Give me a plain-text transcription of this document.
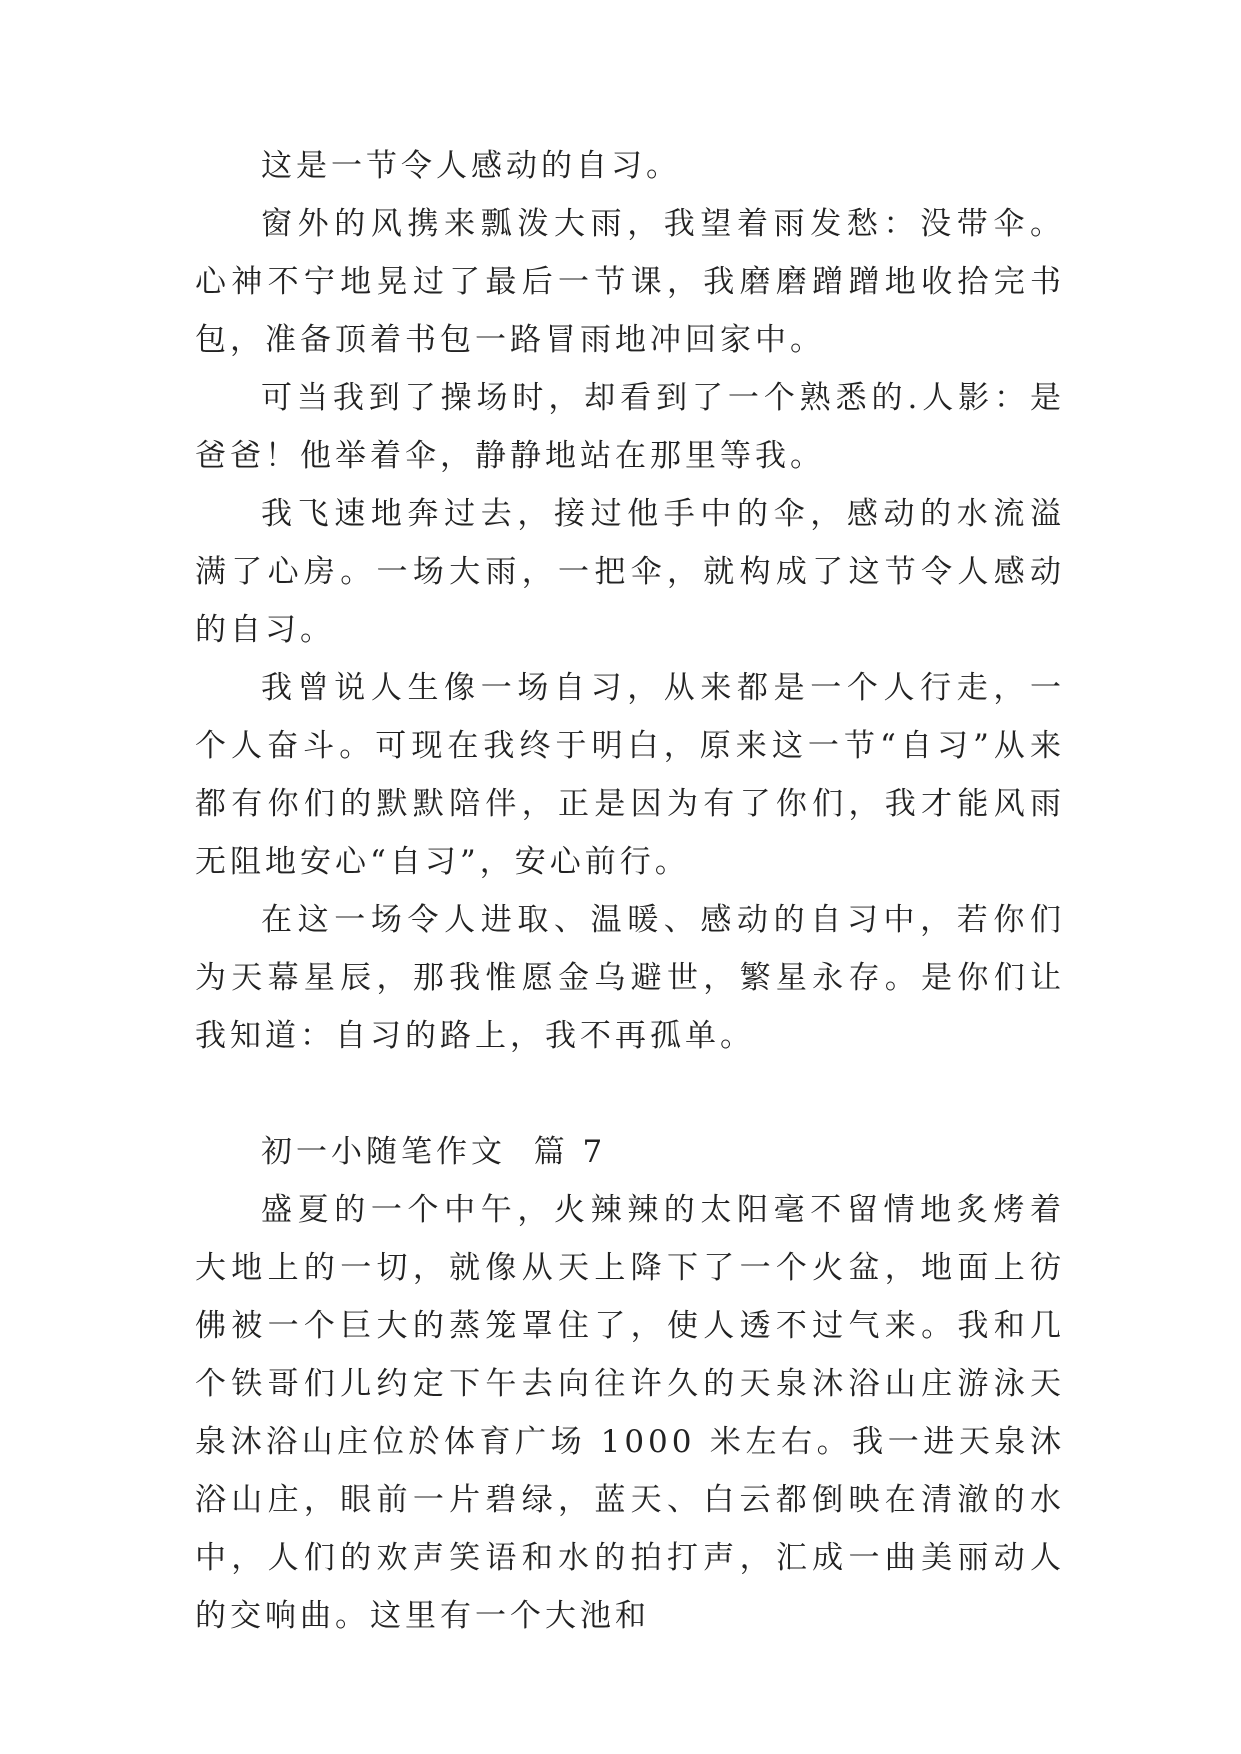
这是一节令人感动的自习。

窗外的风携来瓢泼大雨，我望着雨发愁：没带伞。心神不宁地晃过了最后一节课，我磨磨蹭蹭地收拾完书包，准备顶着书包一路冒雨地冲回家中。

可当我到了操场时，却看到了一个熟悉的.人影：是爸爸！他举着伞，静静地站在那里等我。

我飞速地奔过去，接过他手中的伞，感动的水流溢满了心房。一场大雨，一把伞，就构成了这节令人感动的自习。

我曾说人生像一场自习，从来都是一个人行走，一个人奋斗。可现在我终于明白，原来这一节“自习”从来都有你们的默默陪伴，正是因为有了你们，我才能风雨无阻地安心“自习”，安心前行。

在这一场令人进取、温暖、感动的自习中，若你们为天幕星辰，那我惟愿金乌避世，繁星永存。是你们让我知道：自习的路上，我不再孤单。

初一小随笔作文  篇 7

盛夏的一个中午，火辣辣的太阳毫不留情地炙烤着大地上的一切，就像从天上降下了一个火盆，地面上彷佛被一个巨大的蒸笼罩住了，使人透不过气来。我和几个铁哥们儿约定下午去向往许久的天泉沐浴山庄游泳天泉沐浴山庄位於体育广场 1000 米左右。我一进天泉沐浴山庄，眼前一片碧绿，蓝天、白云都倒映在清澈的水中，人们的欢声笑语和水的拍打声，汇成一曲美丽动人的交响曲。这里有一个大池和
